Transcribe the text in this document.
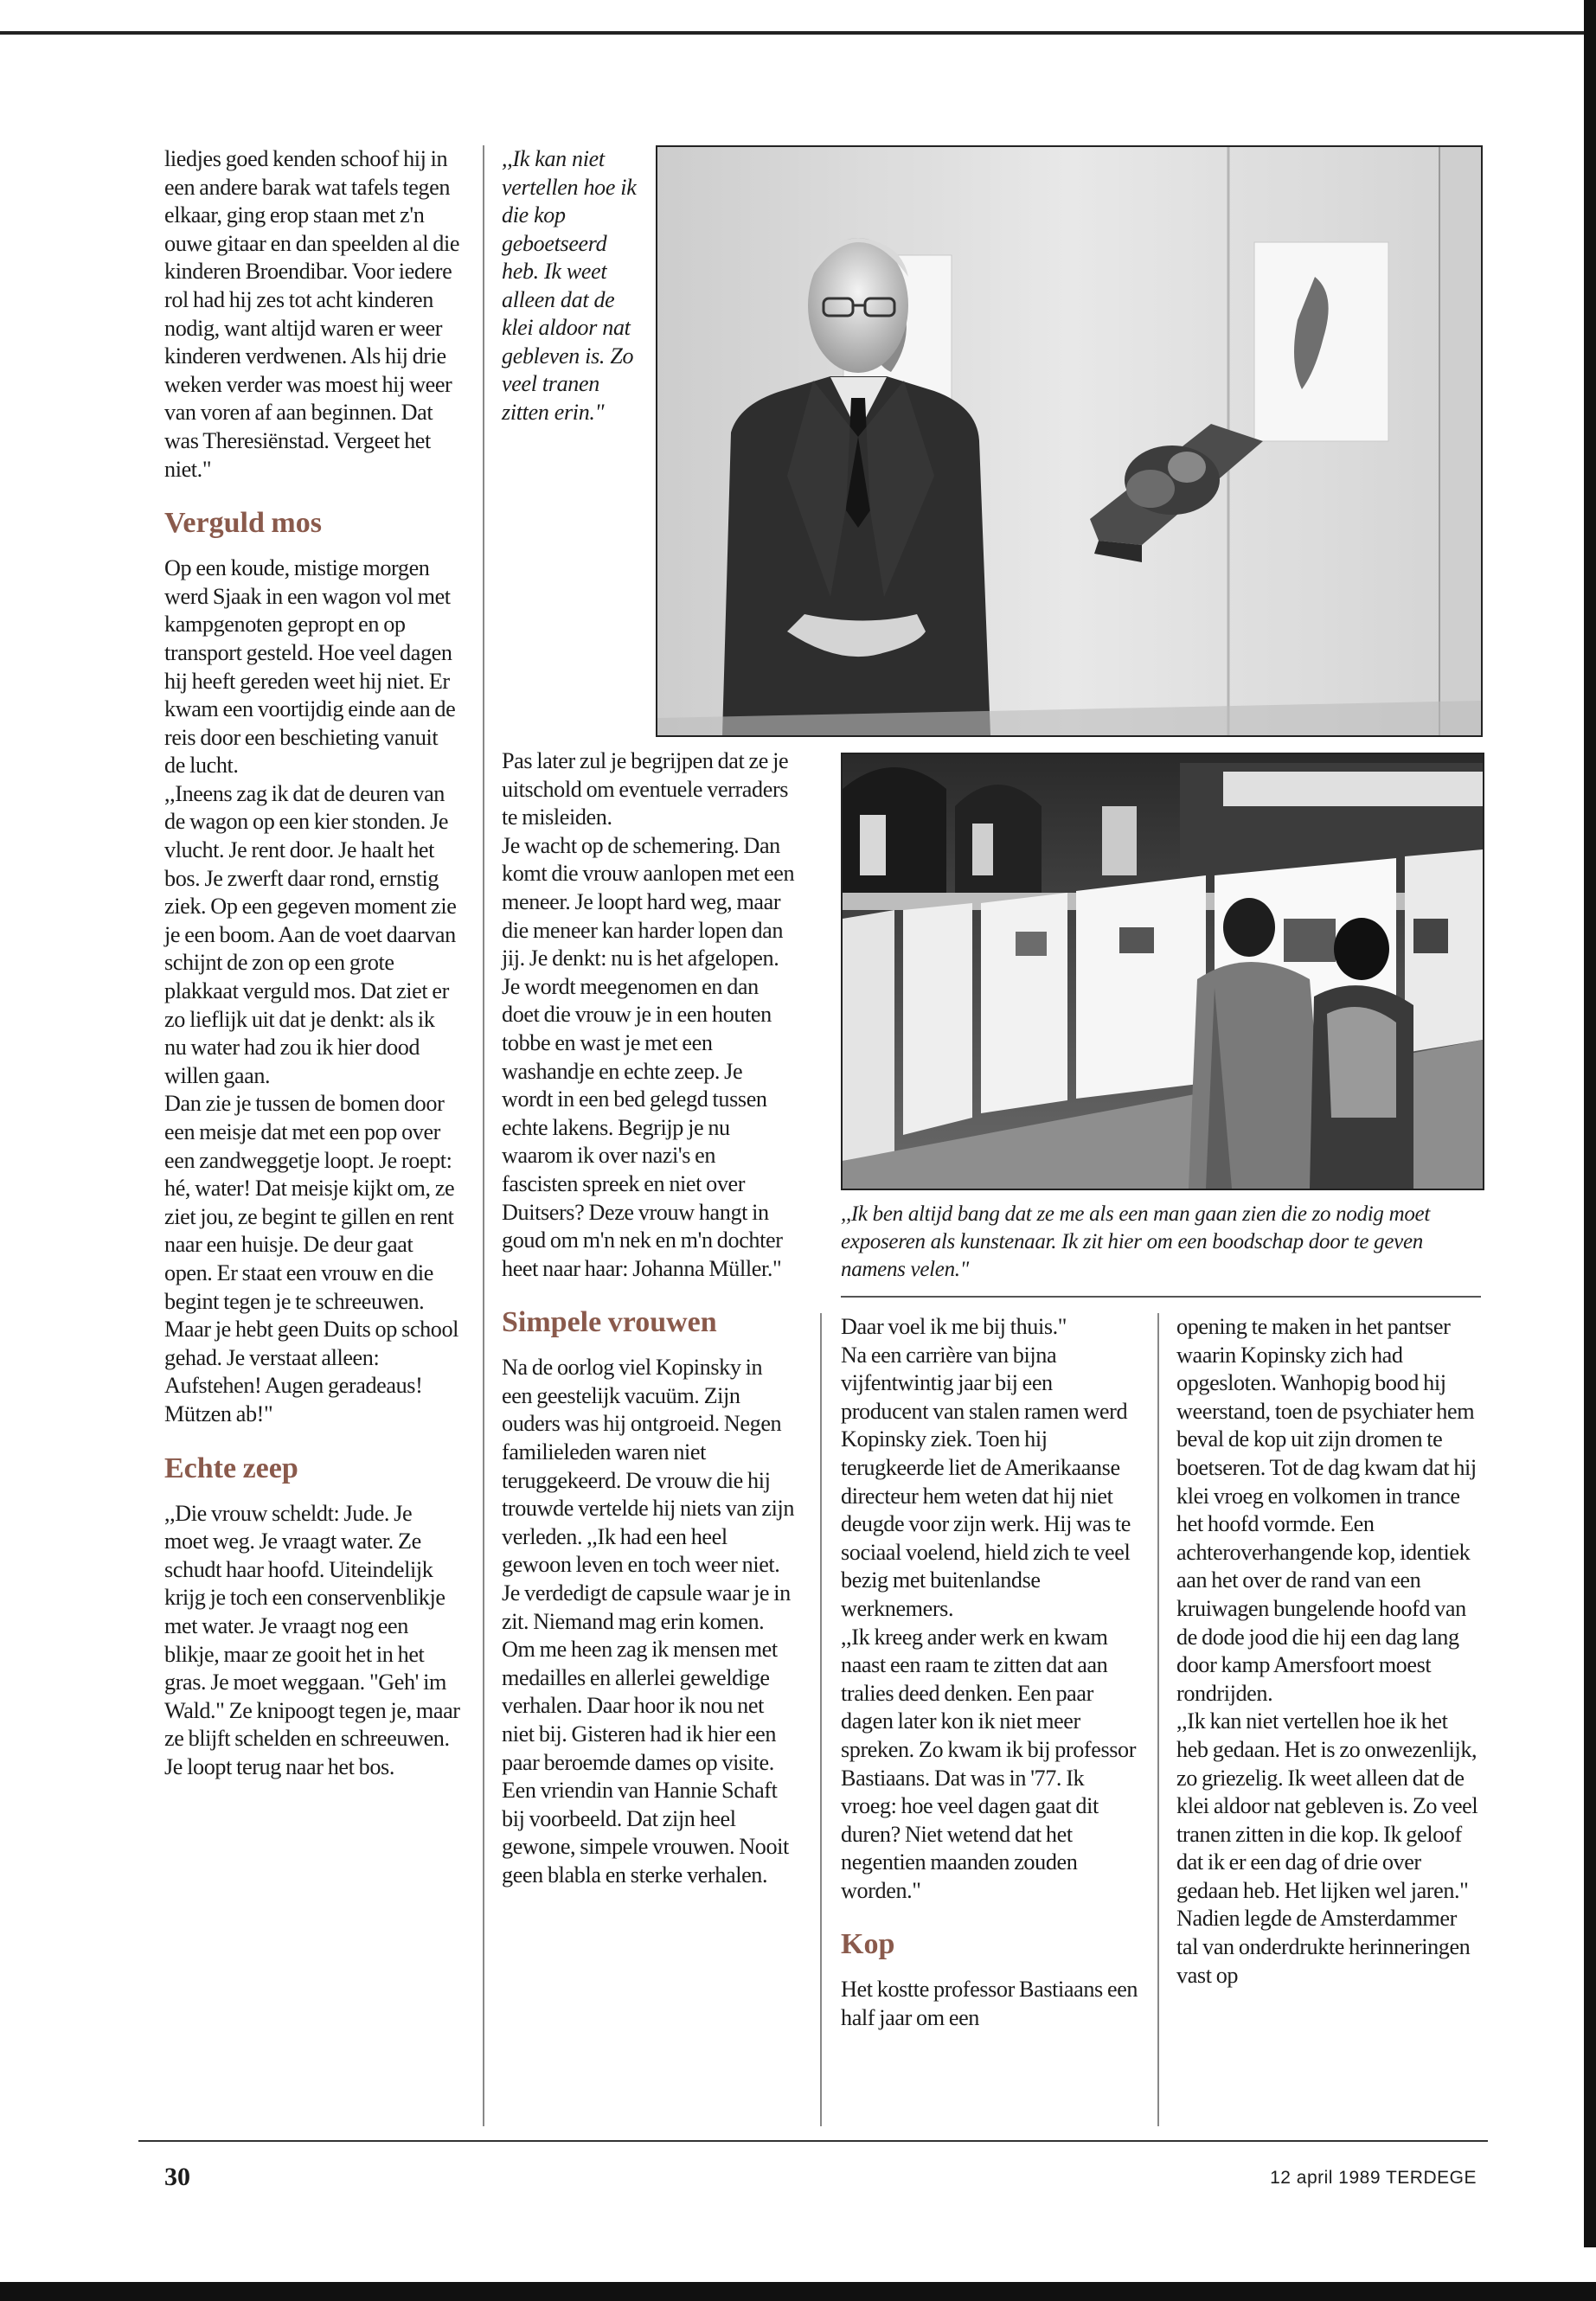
liedjes goed kenden schoof hij in een andere barak wat tafels tegen elkaar, ging erop staan met z'n ouwe gitaar en dan speelden al die kinderen Broendibar. Voor iedere rol had hij zes tot acht kinderen nodig, want altijd waren er weer kinderen verdwenen. Als hij drie weken verder was moest hij weer van voren af aan beginnen. Dat was Theresiënstad. Vergeet het niet."

Verguld mos

Op een koude, mistige morgen werd Sjaak in een wagon vol met kampgenoten gepropt en op transport gesteld. Hoe veel dagen hij heeft gereden weet hij niet. Er kwam een voortijdig einde aan de reis door een beschieting vanuit de lucht.

,,Ineens zag ik dat de deuren van de wagon op een kier stonden. Je vlucht. Je rent door. Je haalt het bos. Je zwerft daar rond, ernstig ziek. Op een gegeven moment zie je een boom. Aan de voet daarvan schijnt de zon op een grote plakkaat verguld mos. Dat ziet er zo lieflijk uit dat je denkt: als ik nu water had zou ik hier dood willen gaan.

Dan zie je tussen de bomen door een meisje dat met een pop over een zandweggetje loopt. Je roept: hé, water! Dat meisje kijkt om, ze ziet jou, ze begint te gillen en rent naar een huisje. De deur gaat open. Er staat een vrouw en die begint tegen je te schreeuwen. Maar je hebt geen Duits op school gehad. Je verstaat alleen: Aufstehen! Augen geradeaus! Mützen ab!"

Echte zeep

,,Die vrouw scheldt: Jude. Je moet weg. Je vraagt water. Ze schudt haar hoofd. Uiteindelijk krijg je toch een conservenblikje met water. Je vraagt nog een blikje, maar ze gooit het in het gras. Je moet weggaan. "Geh' im Wald." Ze knipoogt tegen je, maar ze blijft schelden en schreeuwen. Je loopt terug naar het bos.

,,Ik kan niet vertellen hoe ik die kop geboetseerd heb. Ik weet alleen dat de klei aldoor nat gebleven is. Zo veel tranen zitten erin."

Pas later zul je begrijpen dat ze je uitschold om eventuele verraders te misleiden.

Je wacht op de schemering. Dan komt die vrouw aanlopen met een meneer. Je loopt hard weg, maar die meneer kan harder lopen dan jij. Je denkt: nu is het afgelopen. Je wordt meegenomen en dan doet die vrouw je in een houten tobbe en wast je met een washandje en echte zeep. Je wordt in een bed gelegd tussen echte lakens. Begrijp je nu waarom ik over nazi's en fascisten spreek en niet over Duitsers? Deze vrouw hangt in goud om m'n nek en m'n dochter heet naar haar: Johanna Müller."

Simpele vrouwen

Na de oorlog viel Kopinsky in een geestelijk vacuüm. Zijn ouders was hij ontgroeid. Negen familieleden waren niet teruggekeerd. De vrouw die hij trouwde vertelde hij niets van zijn verleden. ,,Ik had een heel gewoon leven en toch weer niet. Je verdedigt de capsule waar je in zit. Niemand mag erin komen. Om me heen zag ik mensen met medailles en allerlei geweldige verhalen. Daar hoor ik nou net niet bij. Gisteren had ik hier een paar beroemde dames op visite. Een vriendin van Hannie Schaft bij voorbeeld. Dat zijn heel gewone, simpele vrouwen. Nooit geen blabla en sterke verhalen.

,,Ik ben altijd bang dat ze me als een man gaan zien die zo nodig moet exposeren als kunstenaar. Ik zit hier om een boodschap door te geven namens velen."

Daar voel ik me bij thuis."

Na een carrière van bijna vijfentwintig jaar bij een producent van stalen ramen werd Kopinsky ziek. Toen hij terugkeerde liet de Amerikaanse directeur hem weten dat hij niet deugde voor zijn werk. Hij was te sociaal voelend, hield zich te veel bezig met buitenlandse werknemers.

,,Ik kreeg ander werk en kwam naast een raam te zitten dat aan tralies deed denken. Een paar dagen later kon ik niet meer spreken. Zo kwam ik bij professor Bastiaans. Dat was in '77. Ik vroeg: hoe veel dagen gaat dit duren? Niet wetend dat het negentien maanden zouden worden."

Kop

Het kostte professor Bastiaans een half jaar om een

opening te maken in het pantser waarin Kopinsky zich had opgesloten. Wanhopig bood hij weerstand, toen de psychiater hem beval de kop uit zijn dromen te boetseren. Tot de dag kwam dat hij klei vroeg en volkomen in trance het hoofd vormde. Een achteroverhangende kop, identiek aan het over de rand van een kruiwagen bungelende hoofd van de dode jood die hij een dag lang door kamp Amersfoort moest rondrijden.

,,Ik kan niet vertellen hoe ik het heb gedaan. Het is zo onwezenlijk, zo griezelig. Ik weet alleen dat de klei aldoor nat gebleven is. Zo veel tranen zitten in die kop. Ik geloof dat ik er een dag of drie over gedaan heb. Het lijken wel jaren."

Nadien legde de Amsterdammer tal van onderdrukte herinneringen vast op

30	12 april 1989 TERDEGE
